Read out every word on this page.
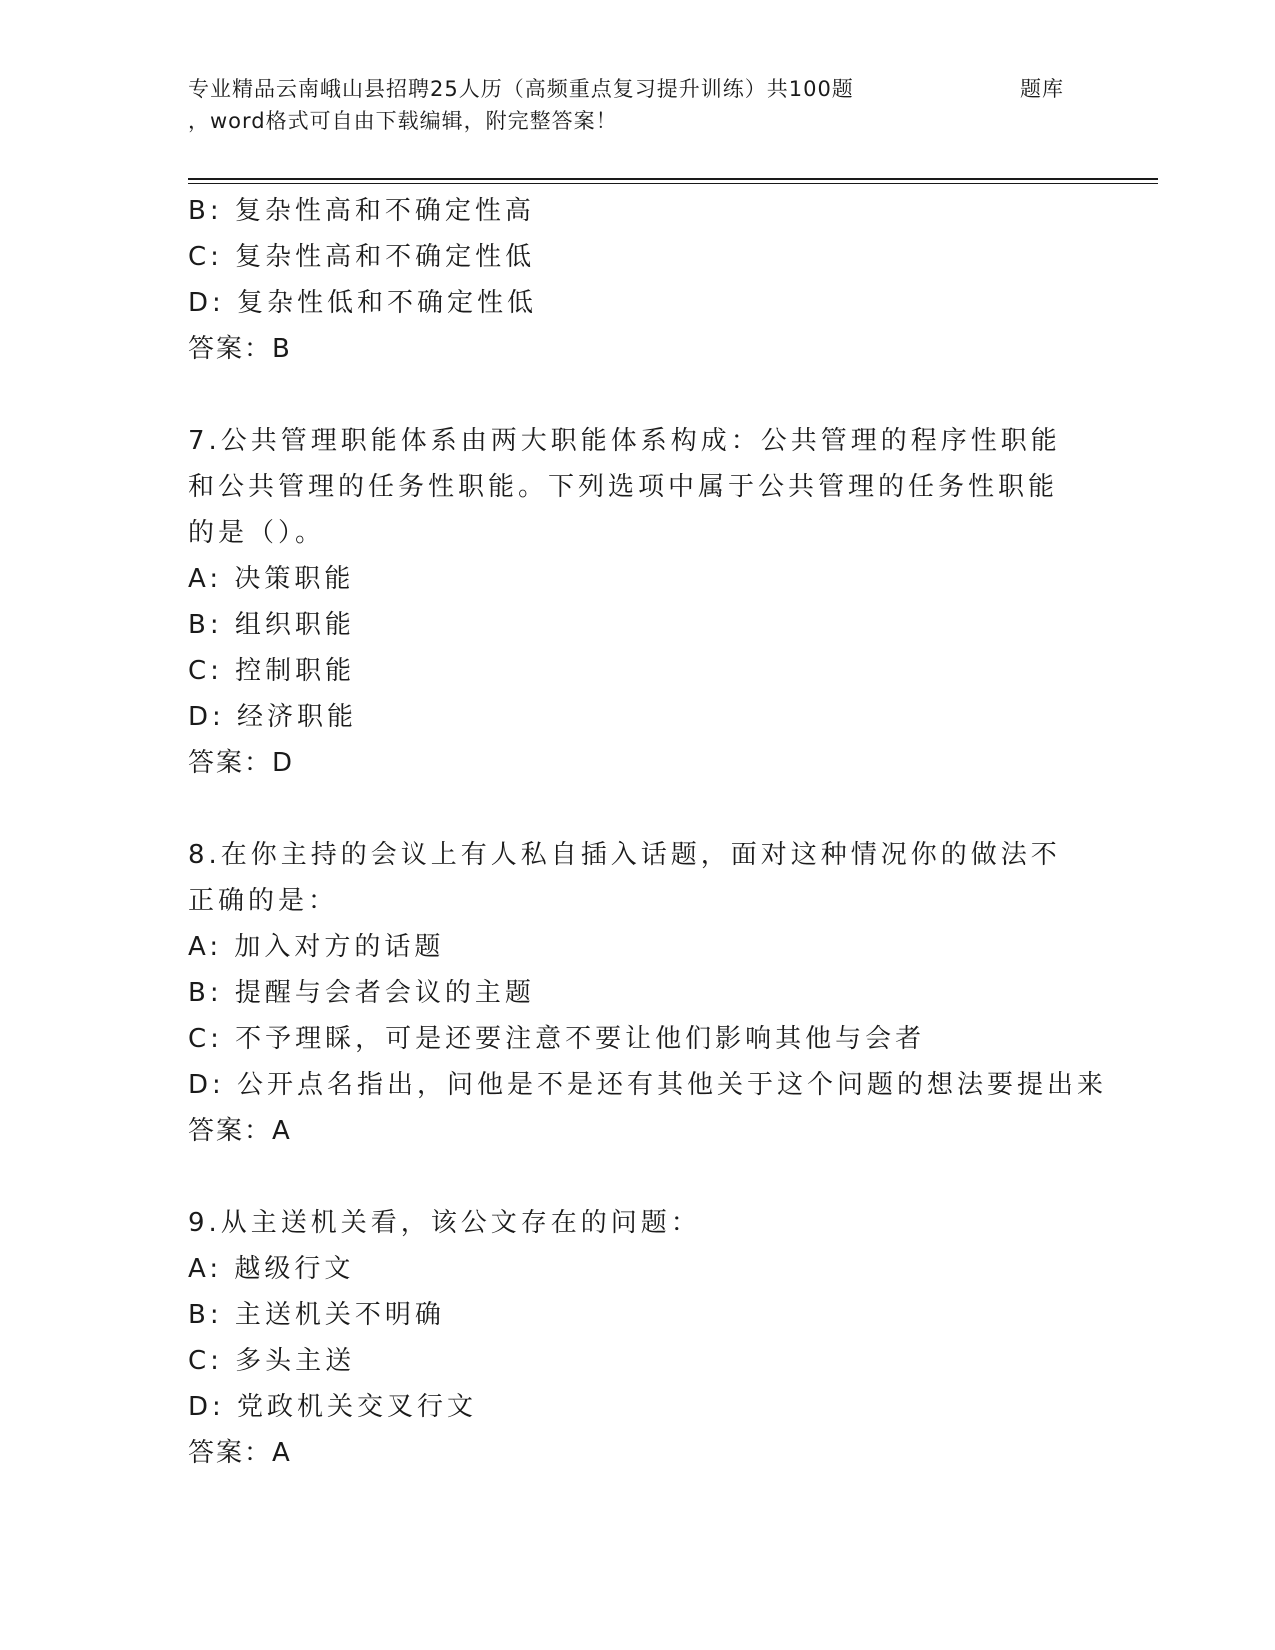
专业精品云南峨山县招聘25人历（高频重点复习提升训练）共100题	题库
，word格式可自由下载编辑，附完整答案！
B: 复杂性高和不确定性高
C: 复杂性高和不确定性低
D: 复杂性低和不确定性低
答案：B
7.公共管理职能体系由两大职能体系构成：公共管理的程序性职能和公共管理的任务性职能。下列选项中属于公共管理的任务性职能的是（）。
A: 决策职能
B: 组织职能
C: 控制职能
D: 经济职能
答案：D
8.在你主持的会议上有人私自插入话题，面对这种情况你的做法不正确的是：
A: 加入对方的话题
B: 提醒与会者会议的主题
C: 不予理睬，可是还要注意不要让他们影响其他与会者
D: 公开点名指出，问他是不是还有其他关于这个问题的想法要提出来
答案：A
9.从主送机关看，该公文存在的问题：
A: 越级行文
B: 主送机关不明确
C: 多头主送
D: 党政机关交叉行文
答案：A
